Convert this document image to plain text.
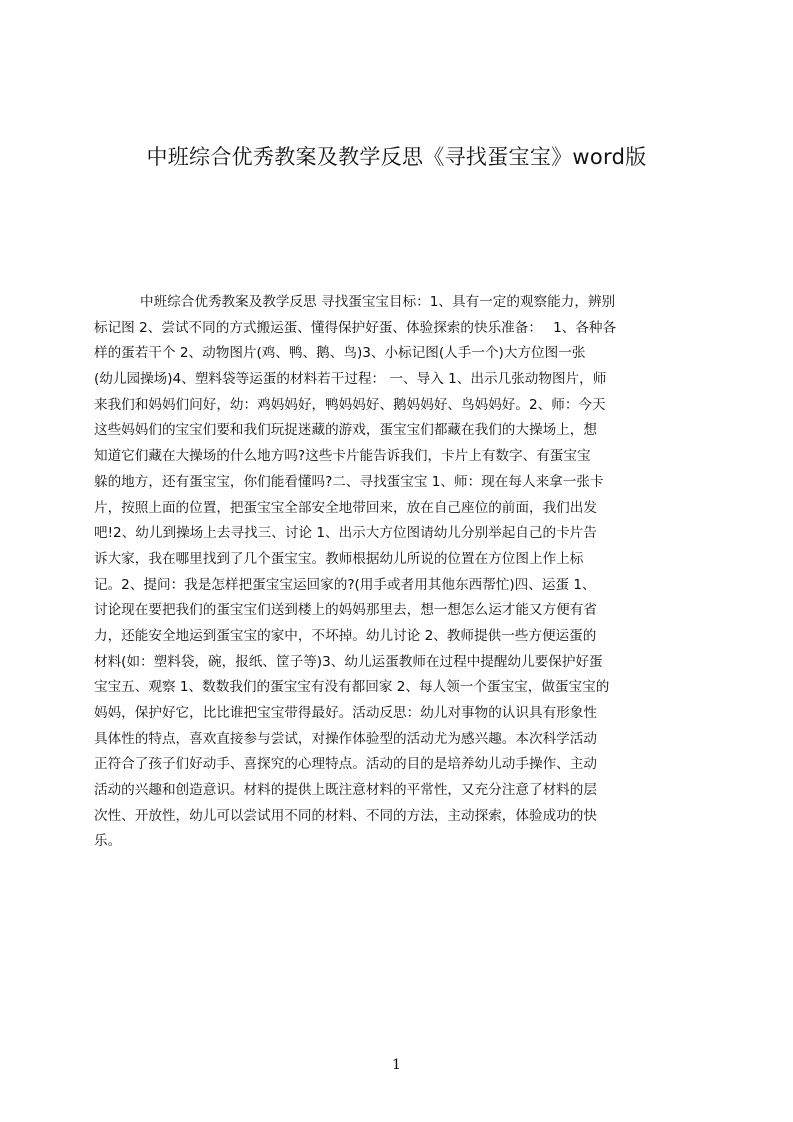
中班综合优秀教案及教学反思《寻找蛋宝宝》word版
中班综合优秀教案及教学反思 寻找蛋宝宝目标：1、具有一定的观察能力，辨别
标记图 2、尝试不同的方式搬运蛋、懂得保护好蛋、体验探索的快乐准备：　 1、各种各
样的蛋若干个 2、动物图片(鸡、鸭、鹅、鸟)3、小标记图(人手一个)大方位图一张
(幼儿园操场)4、塑料袋等运蛋的材料若干过程： 一、导入 1、出示几张动物图片，师
来我们和妈妈们问好，幼：鸡妈妈好，鸭妈妈好、鹅妈妈好、鸟妈妈好。2、师：今天
这些妈妈们的宝宝们要和我们玩捉迷藏的游戏，蛋宝宝们都藏在我们的大操场上，想
知道它们藏在大操场的什么地方吗?这些卡片能告诉我们，卡片上有数字、有蛋宝宝
躲的地方，还有蛋宝宝，你们能看懂吗?二、寻找蛋宝宝 1、师：现在每人来拿一张卡
片，按照上面的位置，把蛋宝宝全部安全地带回来，放在自己座位的前面，我们出发
吧!2、幼儿到操场上去寻找三、讨论 1、出示大方位图请幼儿分别举起自己的卡片告
诉大家，我在哪里找到了几个蛋宝宝。教师根据幼儿所说的位置在方位图上作上标
记。2、提问：我是怎样把蛋宝宝运回家的?(用手或者用其他东西帮忙)四、运蛋 1、
讨论现在要把我们的蛋宝宝们送到楼上的妈妈那里去，想一想怎么运才能又方便有省
力，还能安全地运到蛋宝宝的家中，不坏掉。幼儿讨论 2、教师提供一些方便运蛋的
材料(如：塑料袋，碗，报纸、筐子等)3、幼儿运蛋教师在过程中提醒幼儿要保护好蛋
宝宝五、观察 1、数数我们的蛋宝宝有没有都回家 2、每人领一个蛋宝宝，做蛋宝宝的
妈妈，保护好它，比比谁把宝宝带得最好。活动反思：幼儿对事物的认识具有形象性
具体性的特点，喜欢直接参与尝试，对操作体验型的活动尤为感兴趣。本次科学活动
正符合了孩子们好动手、喜探究的心理特点。活动的目的是培养幼儿动手操作、主动
活动的兴趣和创造意识。材料的提供上既注意材料的平常性，又充分注意了材料的层
次性、开放性，幼儿可以尝试用不同的材料、不同的方法，主动探索，体验成功的快
乐。
1
